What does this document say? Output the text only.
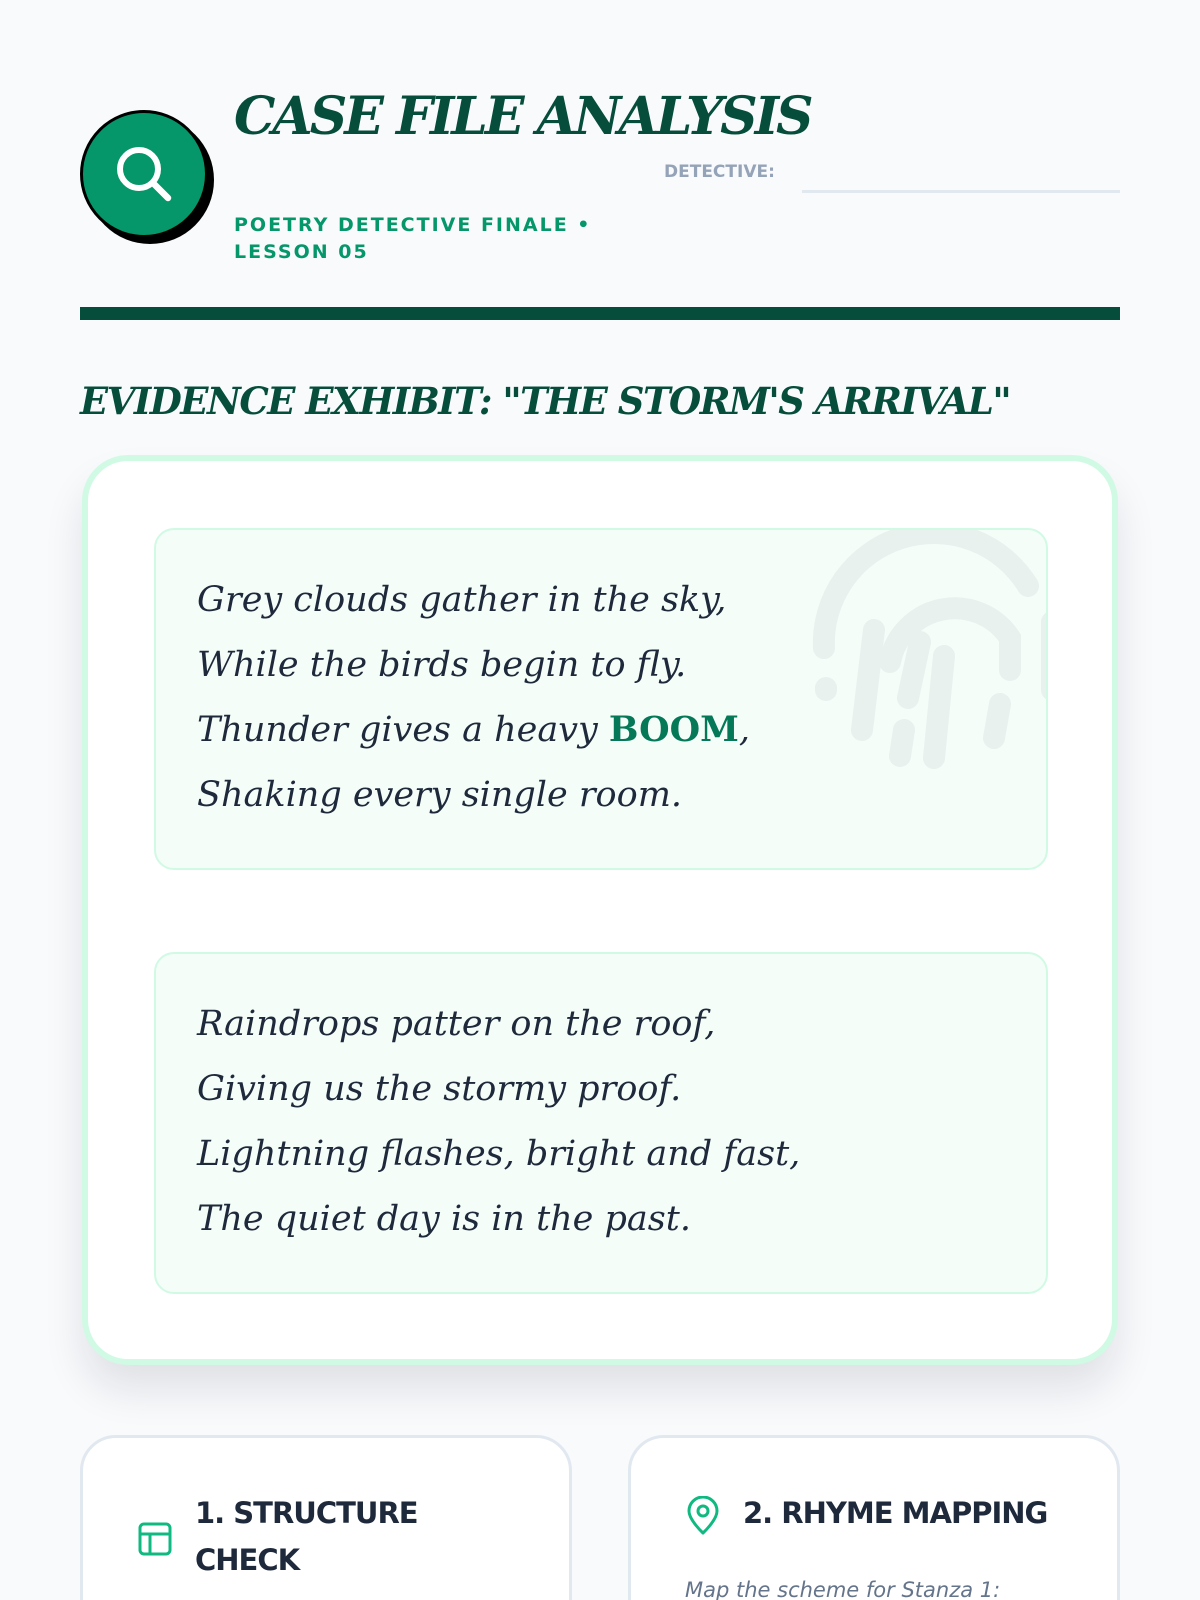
CASE FILE ANALYSIS
POETRY DETECTIVE FINALE • LESSON 05
DETECTIVE:
EVIDENCE EXHIBIT: "THE STORM'S ARRIVAL"

Grey clouds gather in the sky,

While the birds begin to fly.

Thunder gives a heavy BOOM,

Shaking every single room.

Raindrops patter on the roof,

Giving us the stormy proof.

Lightning flashes, bright and fast,

The quiet day is in the past.

1. STRUCTURE CHECK
2. RHYME MAPPING
Map the scheme for Stanza 1:
